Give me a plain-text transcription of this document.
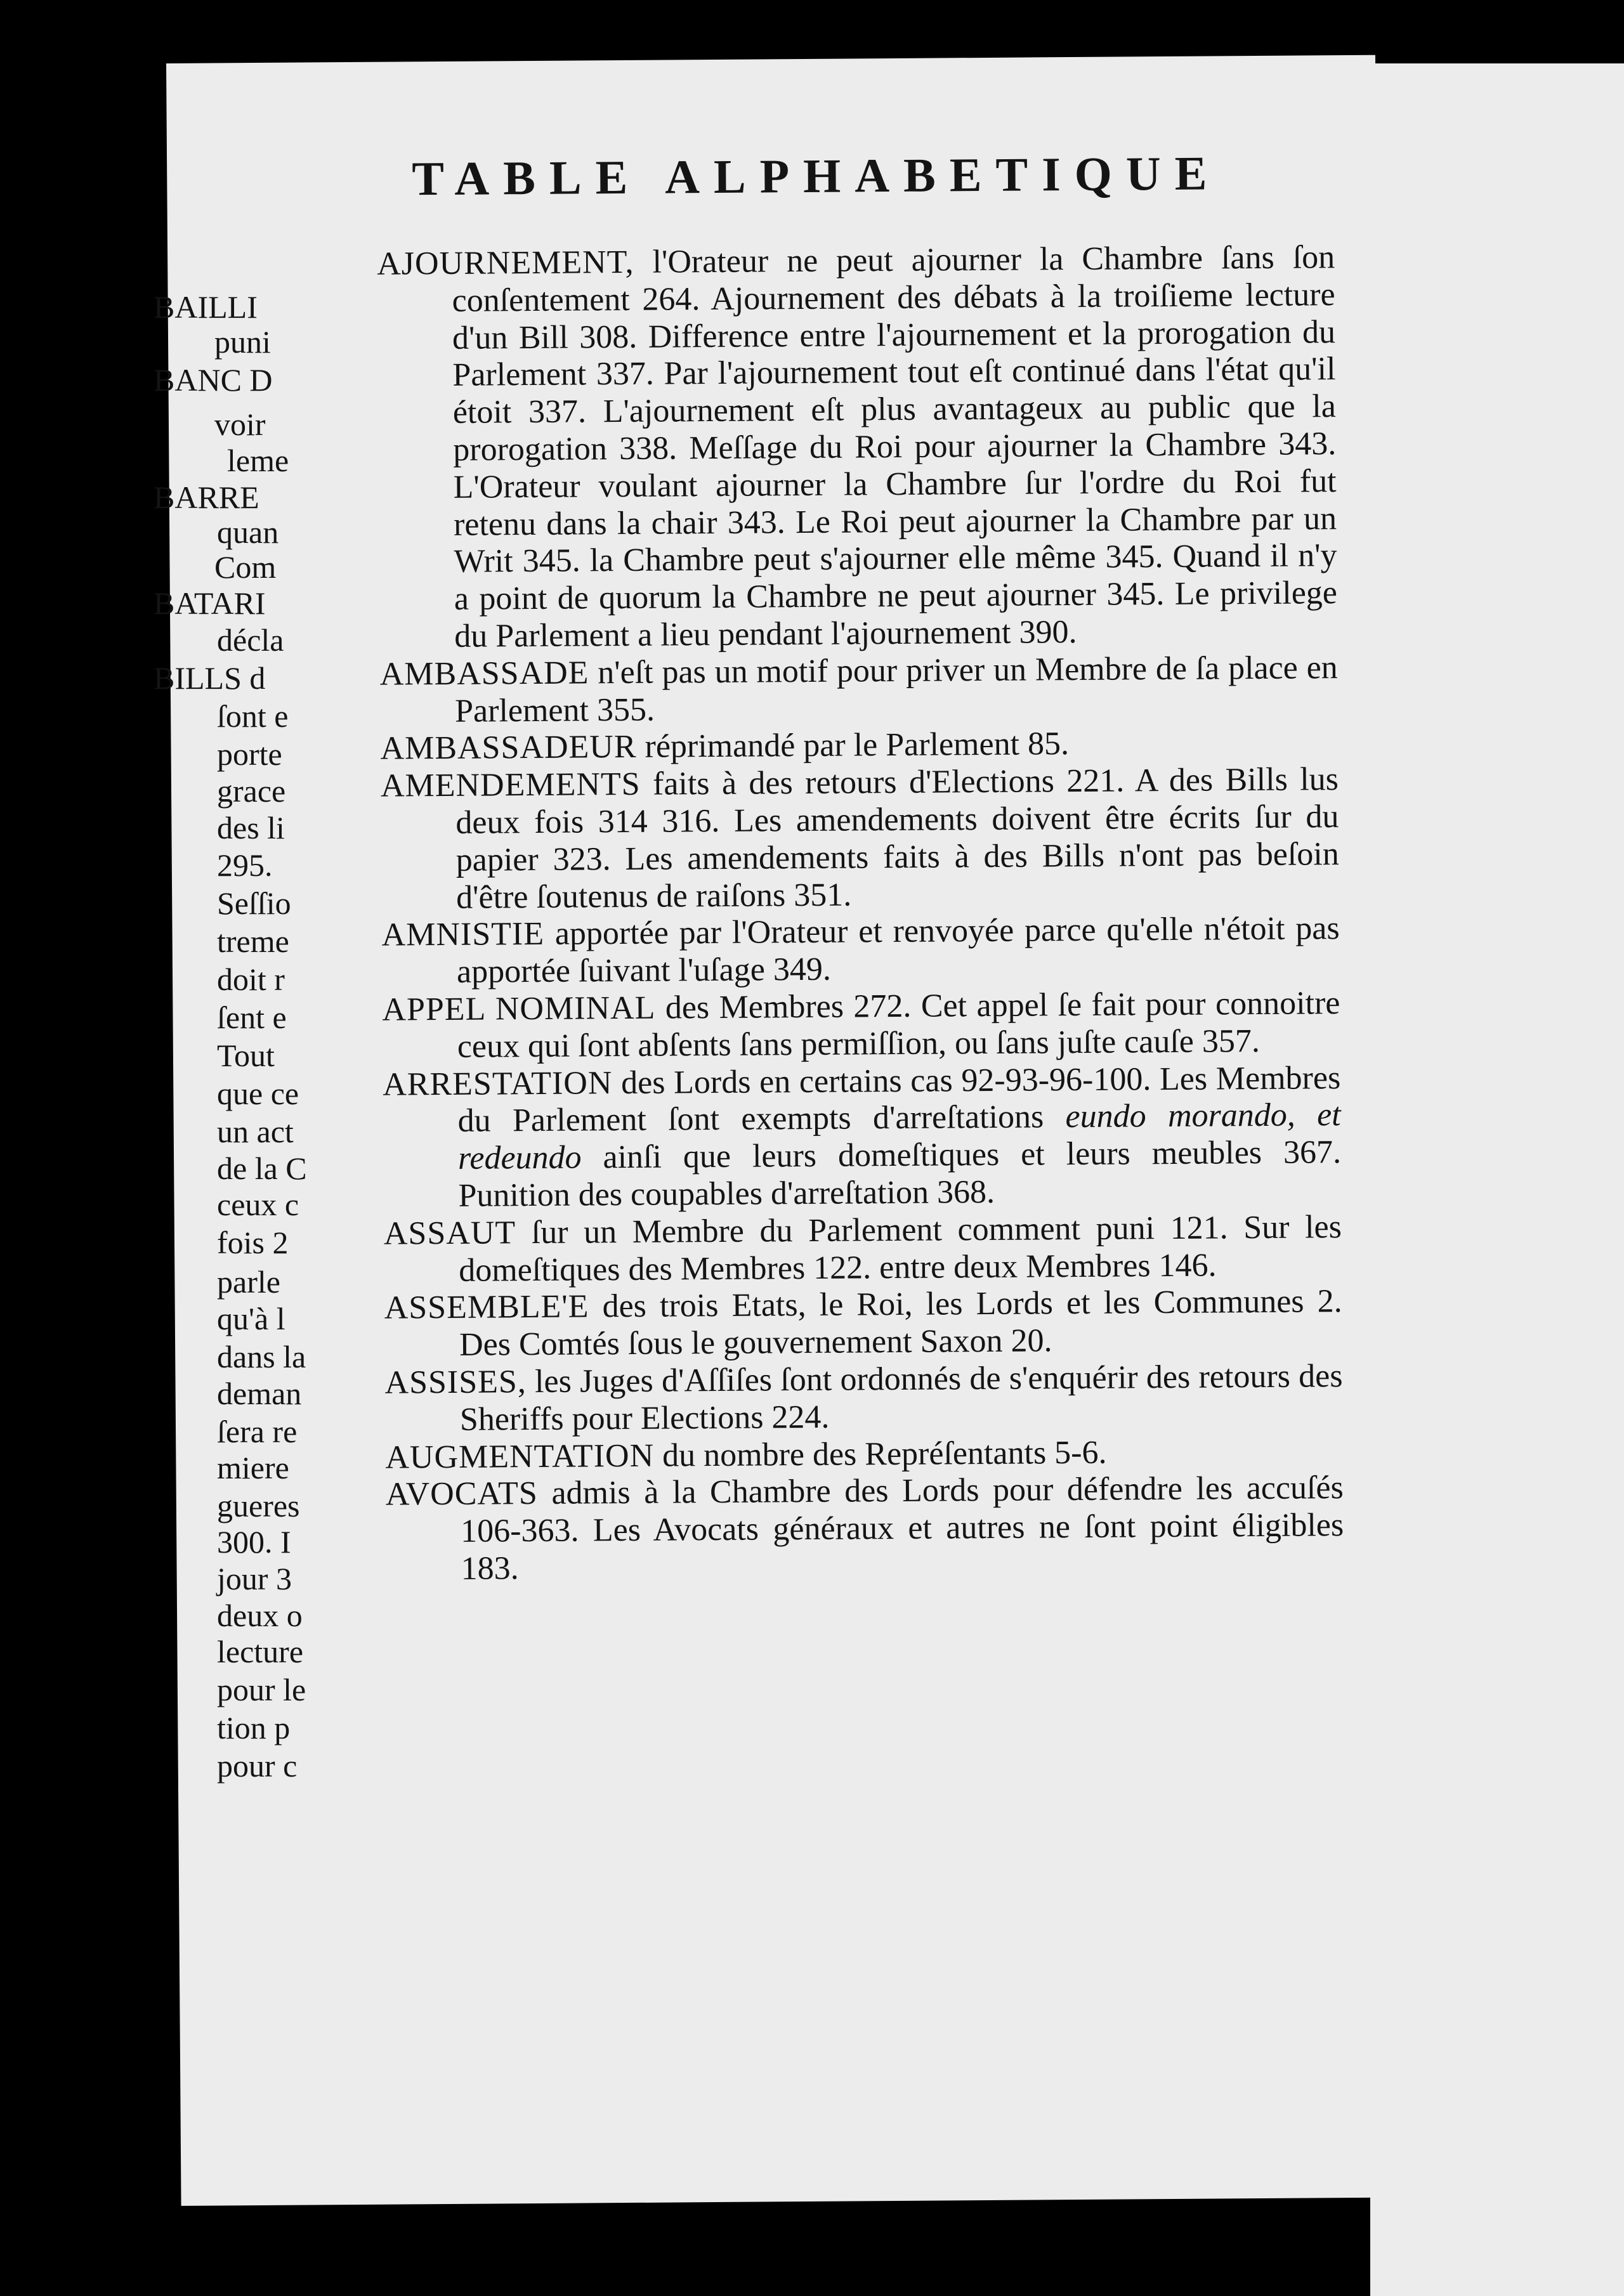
TABLE ALPHABETIQUE
AJOURNEMENT, l'Orateur ne peut ajourner la Chambre ſans ſon conſentement 264. Ajournement des débats à la troiſieme lecture d'un Bill 308. Difference entre l'ajournement et la prorogation du Parlement 337. Par l'ajournement tout eſt continué dans l'état qu'il étoit 337. L'ajournement eſt plus avantageux au public que la prorogation 338. Meſſage du Roi pour ajourner la Chambre 343. L'Orateur voulant ajourner la Chambre ſur l'ordre du Roi fut retenu dans la chair 343. Le Roi peut ajourner la Chambre par un Writ 345. la Chambre peut s'ajourner elle même 345. Quand il n'y a point de quorum la Chambre ne peut ajourner 345. Le privilege du Parlement a lieu pendant l'ajournement 390.
AMBASSADE n'eſt pas un motif pour priver un Membre de ſa place en Parlement 355.
AMBASSADEUR réprimandé par le Parlement 85.
AMENDEMENTS faits à des retours d'Elections 221. A des Bills lus deux fois 314 316. Les amendements doivent être écrits ſur du papier 323. Les amendements faits à des Bills n'ont pas beſoin d'être ſoutenus de raiſons 351.
AMNISTIE apportée par l'Orateur et renvoyée parce qu'elle n'étoit pas apportée ſuivant l'uſage 349.
APPEL NOMINAL des Membres 272. Cet appel ſe fait pour connoitre ceux qui ſont abſents ſans permiſſion, ou ſans juſte cauſe 357.
ARRESTATION des Lords en certains cas 92-93-96-100. Les Membres du Parlement ſont exempts d'arreſtations eundo morando, et redeundo ainſi que leurs domeſtiques et leurs meubles 367. Punition des coupables d'arreſtation 368.
ASSAUT ſur un Membre du Parlement comment puni 121. Sur les domeſtiques des Membres 122. entre deux Membres 146.
ASSEMBLE'E des trois Etats, le Roi, les Lords et les Communes 2. Des Comtés ſous le gouvernement Saxon 20.
ASSISES, les Juges d'Aſſiſes ſont ordonnés de s'enquérir des retours des Sheriffs pour Elections 224.
AUGMENTATION du nombre des Repréſentants 5-6.
AVOCATS admis à la Chambre des Lords pour défendre les accuſés 106-363. Les Avocats généraux et autres ne ſont point éligibles 183.
BAILLI
puni
BANC D
voir
leme
BARRE
quan
Com
BATARI
décla
BILLS d
ſont e
porte
grace
des li
295.
Seſſio
treme
doit r
ſent e
Tout
que ce
un act
de la C
ceux c
fois 2
parle
qu'à l
dans la
deman
ſera re
miere
gueres
300. I
jour 3
deux o
lecture
pour le
tion p
pour c
